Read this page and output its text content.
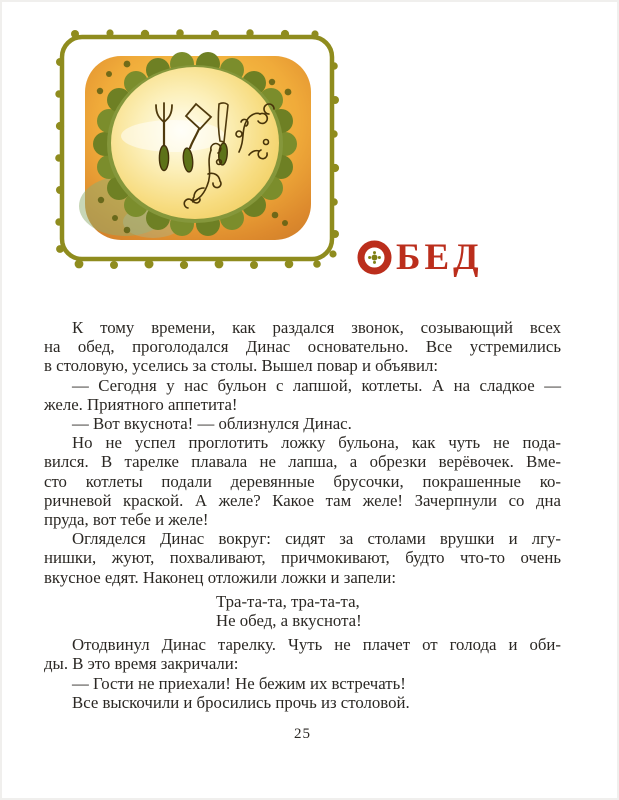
БЕД
К тому времени, как раздался звонок, созывающий всех
на обед, проголодался Динас основательно. Все устремились
в столовую, уселись за столы. Вышел повар и объявил:
— Сегодня у нас бульон с лапшой, котлеты. А на сладкое —
желе. Приятного аппетита!
— Вот вкуснота! — облизнулся Динас.
Но не успел проглотить ложку бульона, как чуть не пода-
вился. В тарелке плавала не лапша, а обрезки верёвочек. Вме-
сто котлеты подали деревянные брусочки, покрашенные ко-
ричневой краской. А желе? Какое там желе! Зачерпнули со дна
пруда, вот тебе и желе!
Огляделся Динас вокруг: сидят за столами врушки и лгу-
нишки, жуют, похваливают, причмокивают, будто что-то очень
вкусное едят. Наконец отложили ложки и запели:
Тра-та-та, тра-та-та,
Не обед, а вкуснота!
Отодвинул Динас тарелку. Чуть не плачет от голода и оби-
ды. В это время закричали:
— Гости не приехали! Не бежим их встречать!
Все выскочили и бросились прочь из столовой.
25
